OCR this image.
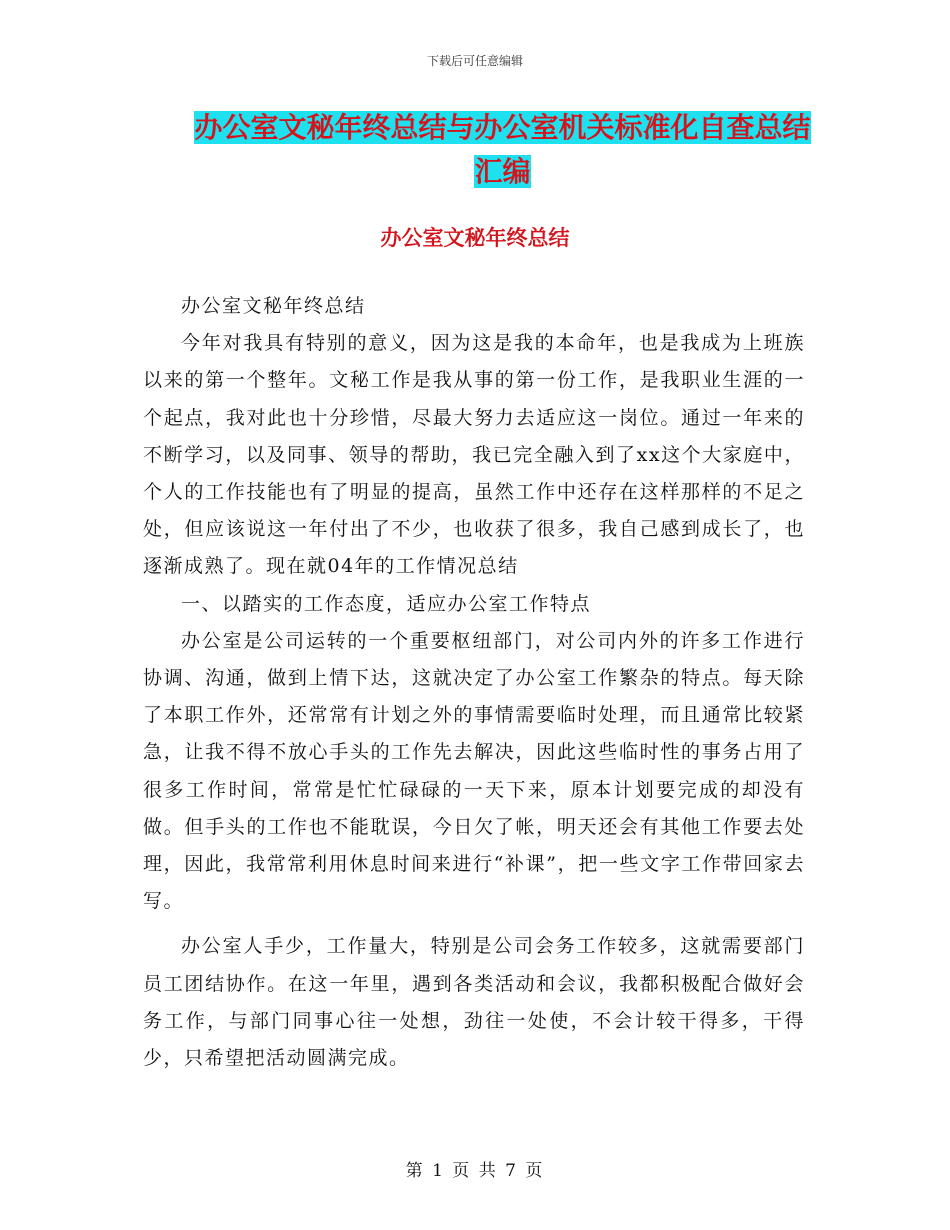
下载后可任意编辑
办公室文秘年终总结与办公室机关标准化自查总结汇编
办公室文秘年终总结

办公室文秘年终总结

今年对我具有特别的意义，因为这是我的本命年，也是我成为上班族以来的第一个整年。文秘工作是我从事的第一份工作，是我职业生涯的一个起点，我对此也十分珍惜，尽最大努力去适应这一岗位。通过一年来的不断学习，以及同事、领导的帮助，我已完全融入到了xx这个大家庭中，个人的工作技能也有了明显的提高，虽然工作中还存在这样那样的不足之处，但应该说这一年付出了不少，也收获了很多，我自己感到成长了，也逐渐成熟了。现在就04年的工作情况总结

一、以踏实的工作态度，适应办公室工作特点

办公室是公司运转的一个重要枢纽部门，对公司内外的许多工作进行协调、沟通，做到上情下达，这就决定了办公室工作繁杂的特点。每天除了本职工作外，还常常有计划之外的事情需要临时处理，而且通常比较紧急，让我不得不放心手头的工作先去解决，因此这些临时性的事务占用了很多工作时间，常常是忙忙碌碌的一天下来，原本计划要完成的却没有做。但手头的工作也不能耽误，今日欠了帐，明天还会有其他工作要去处理，因此，我常常利用休息时间来进行“补课”，把一些文字工作带回家去写。

办公室人手少，工作量大，特别是公司会务工作较多，这就需要部门员工团结协作。在这一年里，遇到各类活动和会议，我都积极配合做好会务工作，与部门同事心往一处想，劲往一处使，不会计较干得多，干得少，只希望把活动圆满完成。

第 1 页 共 7 页
